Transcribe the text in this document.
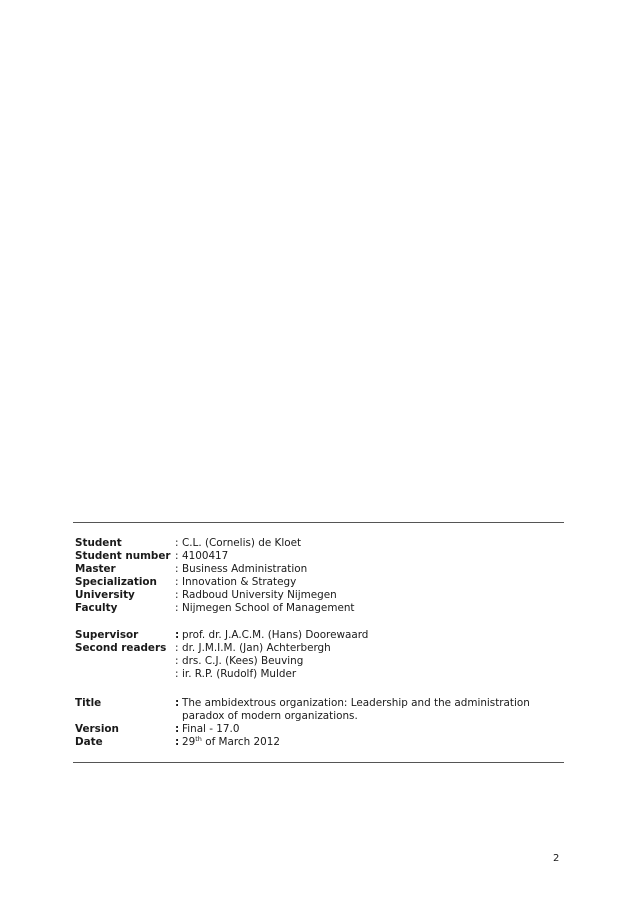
Student	: C.L. (Cornelis) de Kloet
Student number : 4100417
Master	: Business Administration
Specialization : Innovation & Strategy
University	: Radboud University Nijmegen
Faculty	: Nijmegen School of Management
Supervisor	: prof. dr. J.A.C.M. (Hans) Doorewaard
Second readers : dr. J.M.I.M. (Jan) Achterbergh
: drs. C.J. (Kees) Beuving
: ir. R.P. (Rudolf) Mulder
Title	: The ambidextrous organization: Leadership and the administration paradox of modern organizations.
Version	: Final - 17.0
Date	: 29th of March 2012
2
